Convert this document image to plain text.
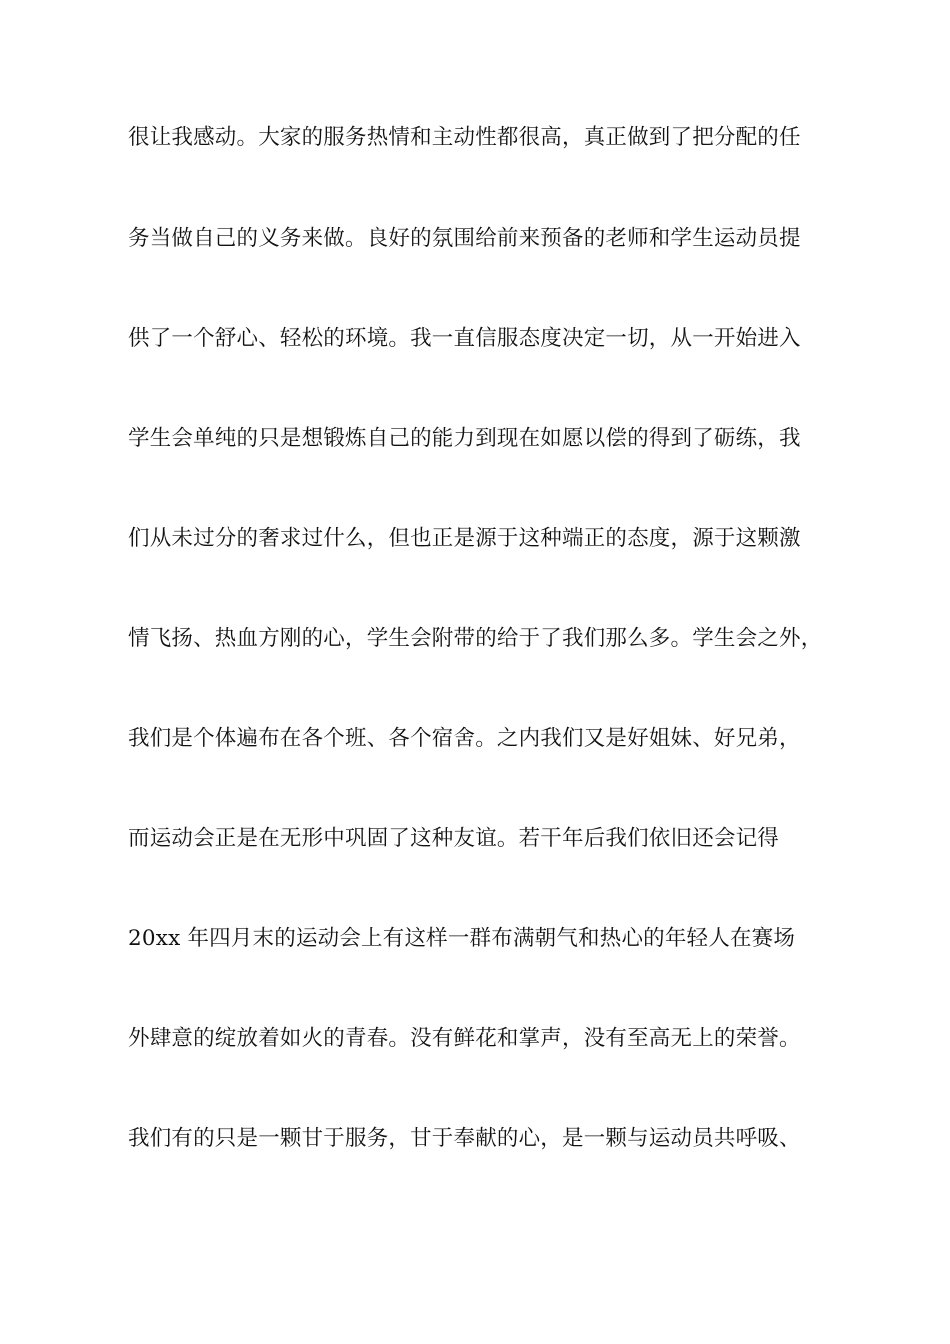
很让我感动。大家的服务热情和主动性都很高，真正做到了把分配的任
务当做自己的义务来做。良好的氛围给前来预备的老师和学生运动员提
供了一个舒心、轻松的环境。我一直信服态度决定一切，从一开始进入
学生会单纯的只是想锻炼自己的能力到现在如愿以偿的得到了砺练，我
们从未过分的奢求过什么，但也正是源于这种端正的态度，源于这颗激
情飞扬、热血方刚的心，学生会附带的给于了我们那么多。学生会之外，
我们是个体遍布在各个班、各个宿舍。之内我们又是好姐妹、好兄弟，
而运动会正是在无形中巩固了这种友谊。若干年后我们依旧还会记得
20xx 年四月末的运动会上有这样一群布满朝气和热心的年轻人在赛场
外肆意的绽放着如火的青春。没有鲜花和掌声，没有至高无上的荣誉。
我们有的只是一颗甘于服务，甘于奉献的心，是一颗与运动员共呼吸、
